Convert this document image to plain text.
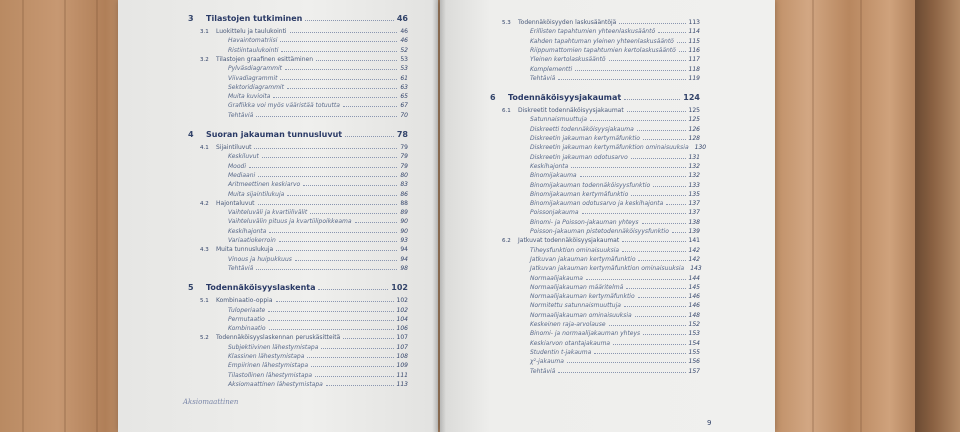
3	Tilastojen tutkiminen	46
3.1	Luokittelu ja taulukointi	46
Havaintomatriisi	46
Ristiintaulukointi	52
3.2	Tilastojen graafinen esittäminen	53
Pylväsdiagrammit	53
Viivadiagrammit	61
Sektoridiagrammit	63
Muita kuvioita	65
Grafiikka voi myös vääristää totuutta	67
Tehtäviä	70
4	Suoran jakauman tunnusluvut	78
4.1	Sijaintiluvut	79
Keskiluvut	79
Moodi	79
Mediaani	80
Aritmeettinen keskiarvo	83
Muita sijaintilukuja	86
4.2	Hajontaluvut	88
Vaihteluväli ja kvartiilivälit	89
Vaihteluvälin pituus ja kvartiilipoikkeama	90
Keskihajonta	90
Variaatiokerroin	93
4.3	Muita tunnuslukuja	94
Vinous ja huipukkuus	94
Tehtäviä	98
5	Todennäköisyyslaskenta	102
5.1	Kombinaatio-oppia	102
Tuloperiaate	102
Permutaatio	104
Kombinaatio	106
5.2	Todennäköisyyslaskennan peruskäsitteitä	107
Subjektiivinen lähestymistapa	107
Klassinen lähestymistapa	108
Empiirinen lähestymistapa	109
Tilastollinen lähestymistapa	111
Aksiomaattinen lähestymistapa	113
5.3	Todennäköisyyden laskusääntöjä	113
Erillisten tapahtumien yhteenlaskusääntö	114
Kahden tapahtuman yleinen yhteenlaskusääntö 115
Riippumattomien tapahtumien kertolaskusääntö 116
Yleinen kertolaskusääntö	117
Komplementti	118
Tehtäviä	119
6	Todennäköisyysjakaumat	124
6.1	Diskreetit todennäköisyysjakaumat	125
Satunnaismuuttuja	125
Diskreetti todennäköisyysjakauma	126
Diskreetin jakauman kertymäfunktio	128
Diskreetin jakauman kertymäfunktion ominaisuuksia 130
Diskreetin jakauman odotusarvo	131
Keskihajonta	132
Binomijakauma	132
Binomijakauman todennäköisyysfunktio	133
Binomijakauman kertymäfunktio	135
Binomijakauman odotusarvo ja keskihajonta	137
Poissonjakauma	137
Binomi- ja Poisson-jakauman yhteys	138
Poisson-jakauman pistetodennäköisyysfunktio	139
6.2	Jatkuvat todennäköisyysjakaumat	141
Tiheysfunktion ominaisuuksia	142
Jatkuvan jakauman kertymäfunktio	142
Jatkuvan jakauman kertymäfunktion ominaisuuksia 143
Normaalijakauma	144
Normaalijakauman määritelmä	145
Normaalijakauman kertymäfunktio	146
Normitettu satunnaismuuttuja	146
Normaalijakauman ominaisuuksia	148
Keskeinen raja-arvolause	152
Binomi- ja normaalijakauman yhteys	153
Keskiarvon otantajakauma	154
Studentin t-jakauma	155
χ²-jakauma	156
Tehtäviä	157
Aksiomaattinen
9
